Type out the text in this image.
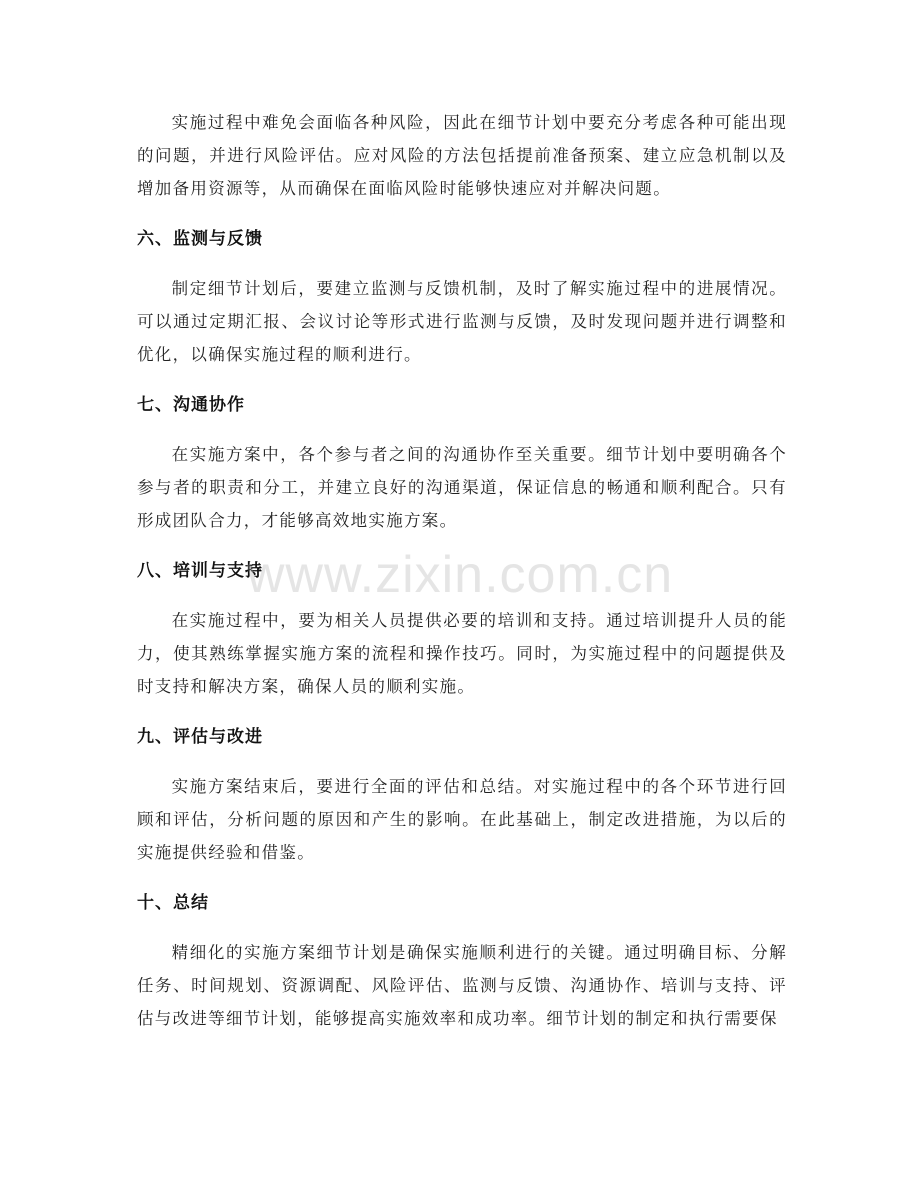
实施过程中难免会面临各种风险，因此在细节计划中要充分考虑各种可能出现的问题，并进行风险评估。应对风险的方法包括提前准备预案、建立应急机制以及增加备用资源等，从而确保在面临风险时能够快速应对并解决问题。

六、监测与反馈

制定细节计划后，要建立监测与反馈机制，及时了解实施过程中的进展情况。可以通过定期汇报、会议讨论等形式进行监测与反馈，及时发现问题并进行调整和优化，以确保实施过程的顺利进行。

七、沟通协作

在实施方案中，各个参与者之间的沟通协作至关重要。细节计划中要明确各个参与者的职责和分工，并建立良好的沟通渠道，保证信息的畅通和顺利配合。只有形成团队合力，才能够高效地实施方案。

八、培训与支持

在实施过程中，要为相关人员提供必要的培训和支持。通过培训提升人员的能力，使其熟练掌握实施方案的流程和操作技巧。同时，为实施过程中的问题提供及时支持和解决方案，确保人员的顺利实施。

九、评估与改进

实施方案结束后，要进行全面的评估和总结。对实施过程中的各个环节进行回顾和评估，分析问题的原因和产生的影响。在此基础上，制定改进措施，为以后的实施提供经验和借鉴。

十、总结

精细化的实施方案细节计划是确保实施顺利进行的关键。通过明确目标、分解任务、时间规划、资源调配、风险评估、监测与反馈、沟通协作、培训与支持、评估与改进等细节计划，能够提高实施效率和成功率。细节计划的制定和执行需要保

www.zixin.com.cn
